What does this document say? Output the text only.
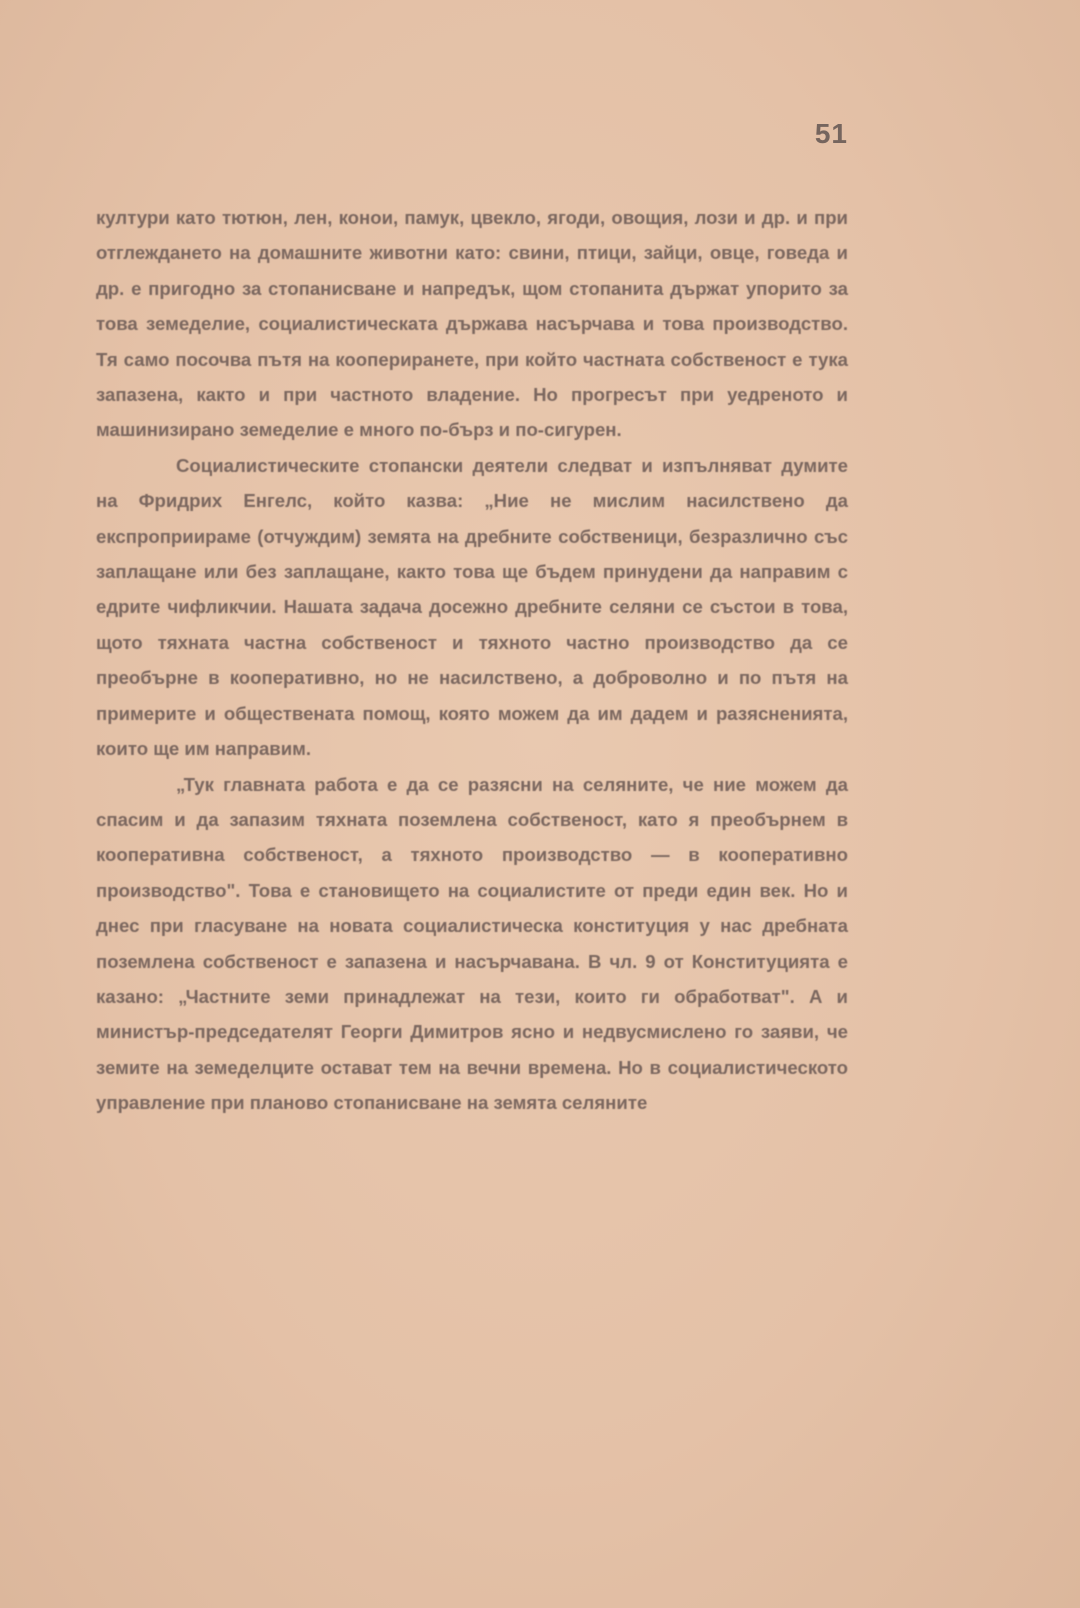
51

култури като тютюн, лен, конои, памук, цвекло, ягоди, овощия, лози и др. и при отглеждането на домашните животни като: свини, птици, зайци, овце, говеда и др. е пригодно за стопанисване и напредък, щом стопанита държат упорито за това земеделие, социалистическата държава насърчава и това производство. Тя само посочва пътя на коопериранете, при който частната собственост е тука запазена, както и при частното владение. Но прогресът при уедреното и машинизирано земеделие е много по-бърз и по-сигурен.

Социалистическите стопански деятели следват и изпълняват думите на Фридрих Енгелс, който казва: „Ние не мислим насилствено да експроприираме (отчуждим) земята на дребните собственици, безразлично със заплащане или без заплащане, както това ще бъдем принудени да направим с едрите чифликчии. Нашата задача досежно дребните селяни се състои в това, щото тяхната частна собственост и тяхното частно производство да се преобърне в кооперативно, но не насилствено, а доброволно и по пътя на примерите и обществената помощ, която можем да им дадем и разясненията, които ще им направим.

„Тук главната работа е да се разясни на селяните, че ние можем да спасим и да запазим тяхната поземлена собственост, като я преобърнем в кооперативна собственост, а тяхното производство — в кооперативно производство". Това е становището на социалистите от преди един век. Но и днес при гласуване на новата социалистическа конституция у нас дребната поземлена собственост е запазена и насърчавана. В чл. 9 от Конституцията е казано: „Частните земи принадлежат на тези, които ги обработват". А и министър-председателят Георги Димитров ясно и недвусмислено го заяви, че земите на земеделците остават тем на вечни времена. Но в социалистическото управление при планово стопанисване на земята селяните
